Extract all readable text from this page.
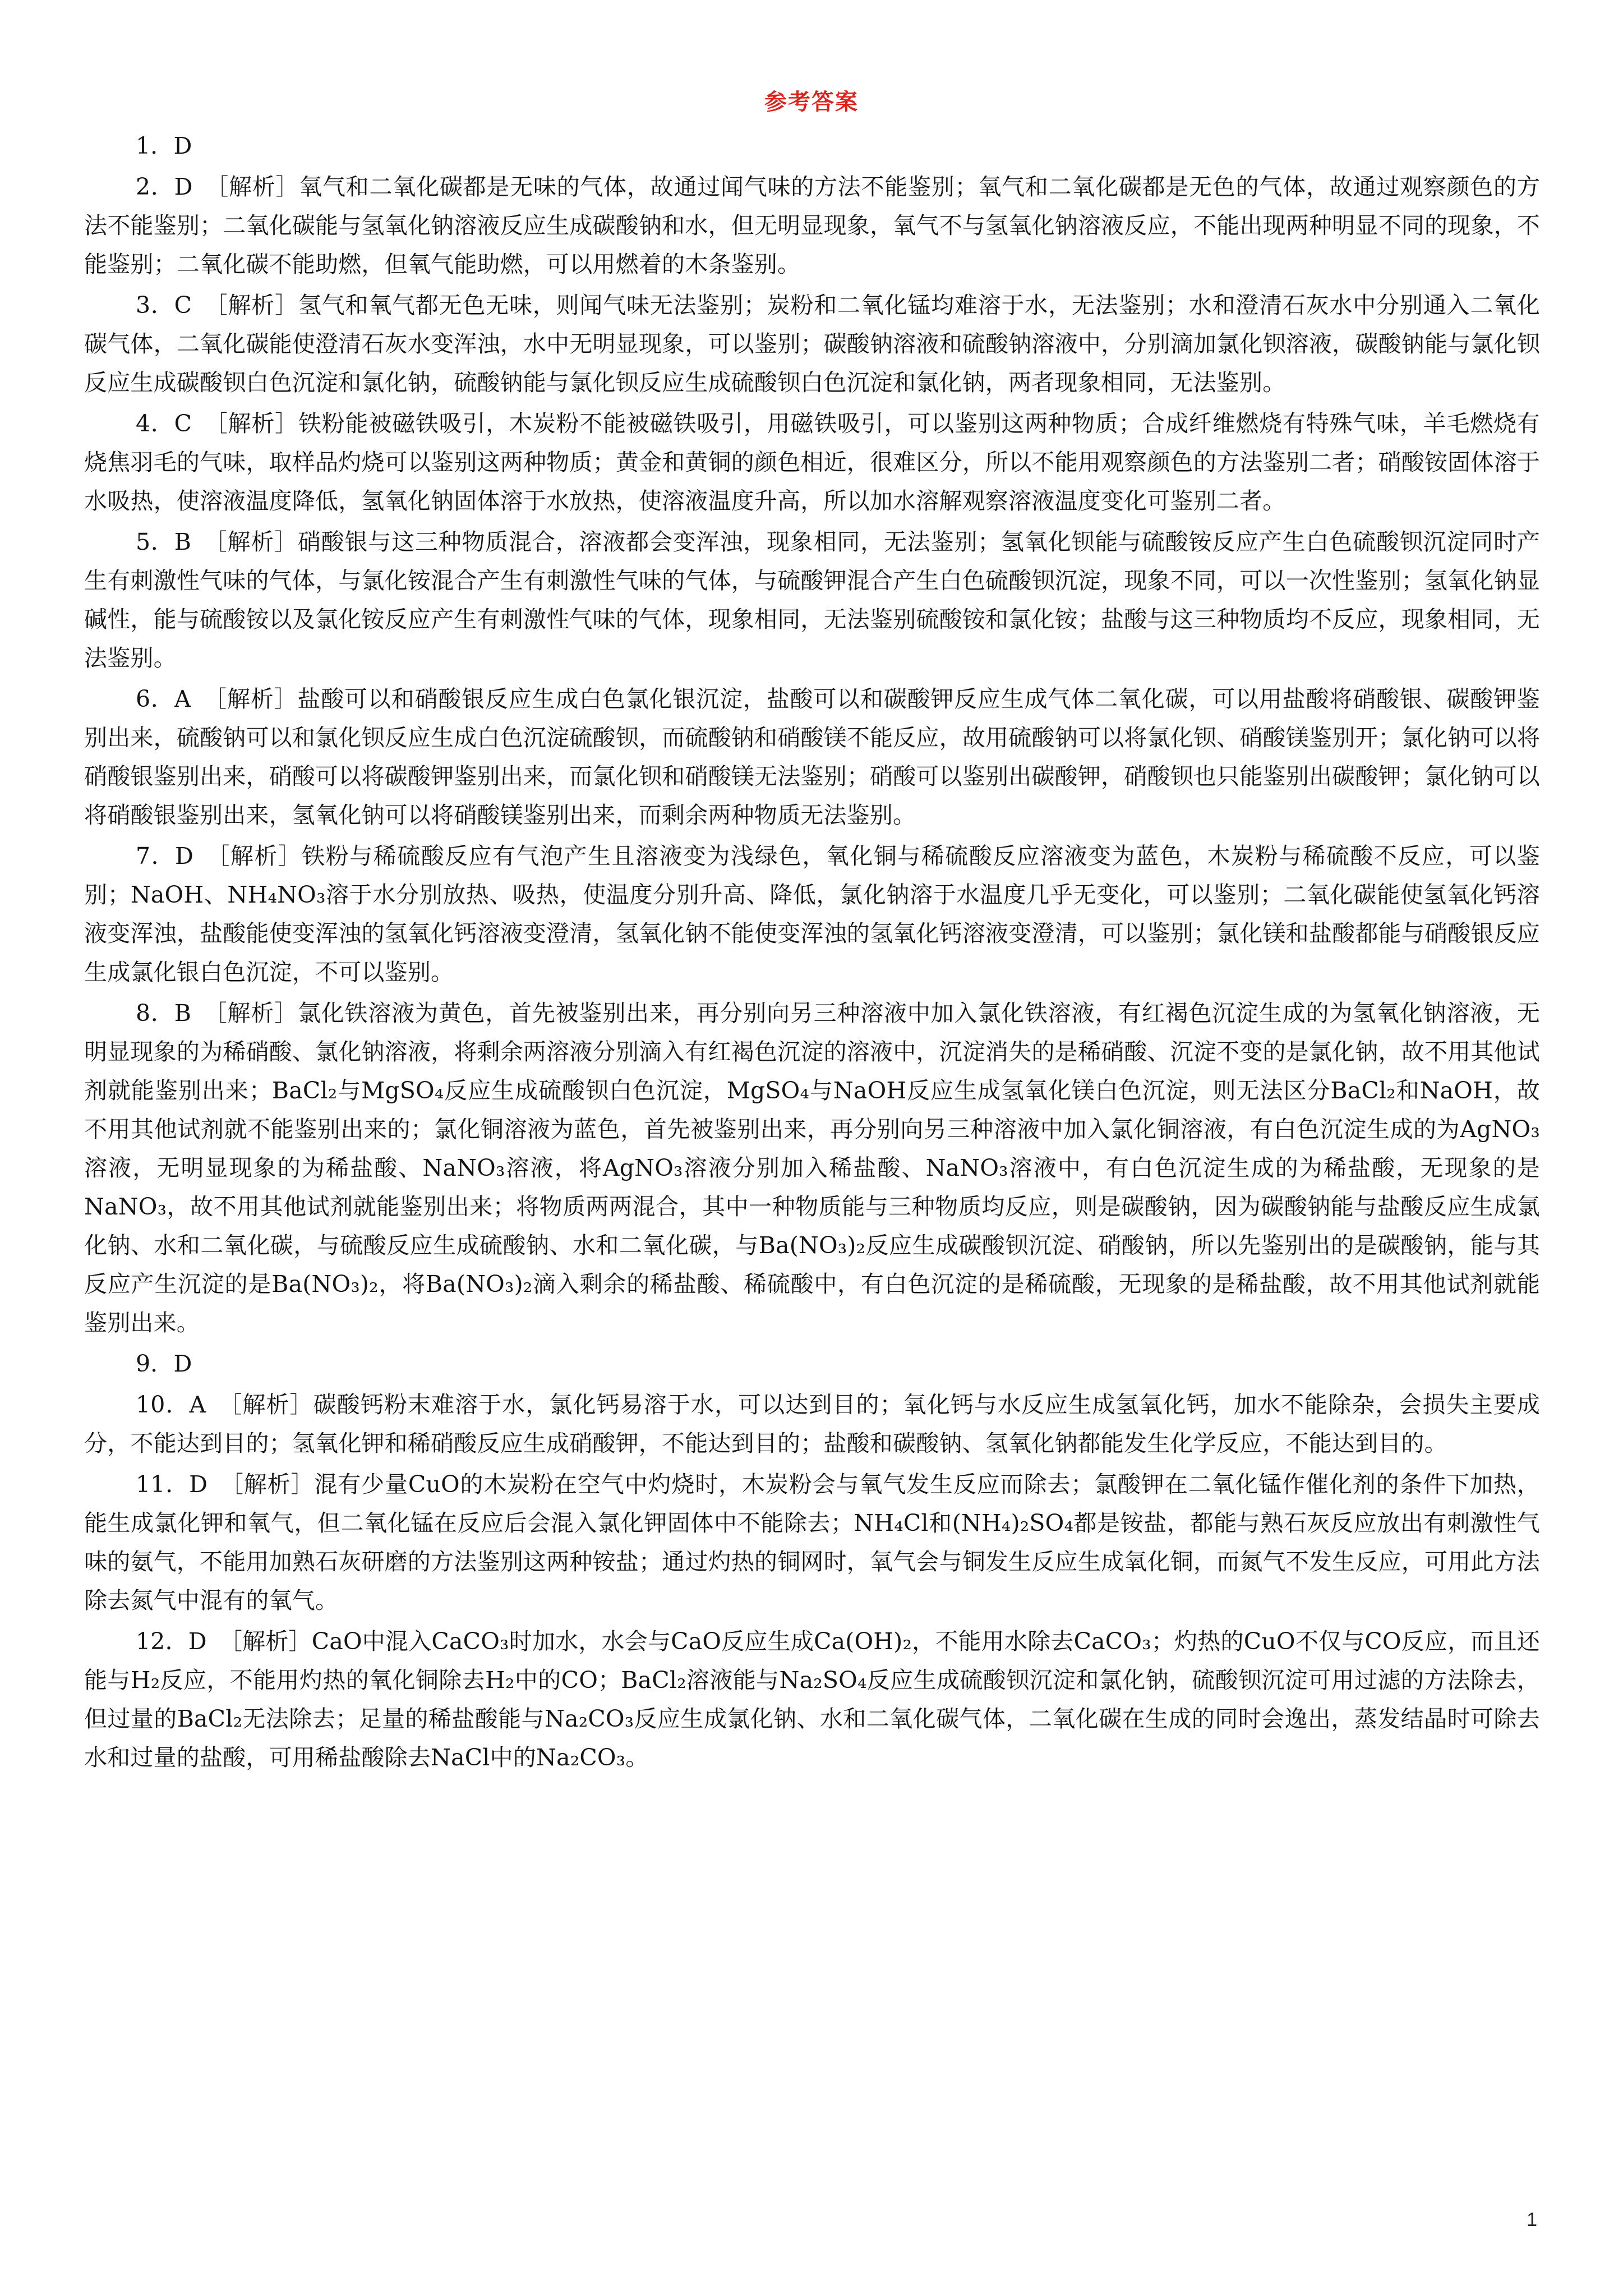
参考答案

1．D

2．D ［解析］氧气和二氧化碳都是无味的气体，故通过闻气味的方法不能鉴别；氧气和二氧化碳都是无色的气体，故通过观察颜色的方法不能鉴别；二氧化碳能与氢氧化钠溶液反应生成碳酸钠和水，但无明显现象，氧气不与氢氧化钠溶液反应，不能出现两种明显不同的现象，不能鉴别；二氧化碳不能助燃，但氧气能助燃，可以用燃着的木条鉴别。

3．C ［解析］氢气和氧气都无色无味，则闻气味无法鉴别；炭粉和二氧化锰均难溶于水，无法鉴别；水和澄清石灰水中分别通入二氧化碳气体，二氧化碳能使澄清石灰水变浑浊，水中无明显现象，可以鉴别；碳酸钠溶液和硫酸钠溶液中，分别滴加氯化钡溶液，碳酸钠能与氯化钡反应生成碳酸钡白色沉淀和氯化钠，硫酸钠能与氯化钡反应生成硫酸钡白色沉淀和氯化钠，两者现象相同，无法鉴别。

4．C ［解析］铁粉能被磁铁吸引，木炭粉不能被磁铁吸引，用磁铁吸引，可以鉴别这两种物质；合成纤维燃烧有特殊气味，羊毛燃烧有烧焦羽毛的气味，取样品灼烧可以鉴别这两种物质；黄金和黄铜的颜色相近，很难区分，所以不能用观察颜色的方法鉴别二者；硝酸铵固体溶于水吸热，使溶液温度降低，氢氧化钠固体溶于水放热，使溶液温度升高，所以加水溶解观察溶液温度变化可鉴别二者。

5．B ［解析］硝酸银与这三种物质混合，溶液都会变浑浊，现象相同，无法鉴别；氢氧化钡能与硫酸铵反应产生白色硫酸钡沉淀同时产生有刺激性气味的气体，与氯化铵混合产生有刺激性气味的气体，与硫酸钾混合产生白色硫酸钡沉淀，现象不同，可以一次性鉴别；氢氧化钠显碱性，能与硫酸铵以及氯化铵反应产生有刺激性气味的气体，现象相同，无法鉴别硫酸铵和氯化铵；盐酸与这三种物质均不反应，现象相同，无法鉴别。

6．A ［解析］盐酸可以和硝酸银反应生成白色氯化银沉淀，盐酸可以和碳酸钾反应生成气体二氧化碳，可以用盐酸将硝酸银、碳酸钾鉴别出来，硫酸钠可以和氯化钡反应生成白色沉淀硫酸钡，而硫酸钠和硝酸镁不能反应，故用硫酸钠可以将氯化钡、硝酸镁鉴别开；氯化钠可以将硝酸银鉴别出来，硝酸可以将碳酸钾鉴别出来，而氯化钡和硝酸镁无法鉴别；硝酸可以鉴别出碳酸钾，硝酸钡也只能鉴别出碳酸钾；氯化钠可以将硝酸银鉴别出来，氢氧化钠可以将硝酸镁鉴别出来，而剩余两种物质无法鉴别。

7．D ［解析］铁粉与稀硫酸反应有气泡产生且溶液变为浅绿色，氧化铜与稀硫酸反应溶液变为蓝色，木炭粉与稀硫酸不反应，可以鉴别；NaOH、NH₄NO₃溶于水分别放热、吸热，使温度分别升高、降低，氯化钠溶于水温度几乎无变化，可以鉴别；二氧化碳能使氢氧化钙溶液变浑浊，盐酸能使变浑浊的氢氧化钙溶液变澄清，氢氧化钠不能使变浑浊的氢氧化钙溶液变澄清，可以鉴别；氯化镁和盐酸都能与硝酸银反应生成氯化银白色沉淀，不可以鉴别。

8．B ［解析］氯化铁溶液为黄色，首先被鉴别出来，再分别向另三种溶液中加入氯化铁溶液，有红褐色沉淀生成的为氢氧化钠溶液，无明显现象的为稀硝酸、氯化钠溶液，将剩余两溶液分别滴入有红褐色沉淀的溶液中，沉淀消失的是稀硝酸、沉淀不变的是氯化钠，故不用其他试剂就能鉴别出来；BaCl₂与MgSO₄反应生成硫酸钡白色沉淀，MgSO₄与NaOH反应生成氢氧化镁白色沉淀，则无法区分BaCl₂和NaOH，故不用其他试剂就不能鉴别出来的；氯化铜溶液为蓝色，首先被鉴别出来，再分别向另三种溶液中加入氯化铜溶液，有白色沉淀生成的为AgNO₃溶液，无明显现象的为稀盐酸、NaNO₃溶液，将AgNO₃溶液分别加入稀盐酸、NaNO₃溶液中，有白色沉淀生成的为稀盐酸，无现象的是NaNO₃，故不用其他试剂就能鉴别出来；将物质两两混合，其中一种物质能与三种物质均反应，则是碳酸钠，因为碳酸钠能与盐酸反应生成氯化钠、水和二氧化碳，与硫酸反应生成硫酸钠、水和二氧化碳，与Ba(NO₃)₂反应生成碳酸钡沉淀、硝酸钠，所以先鉴别出的是碳酸钠，能与其反应产生沉淀的是Ba(NO₃)₂，将Ba(NO₃)₂滴入剩余的稀盐酸、稀硫酸中，有白色沉淀的是稀硫酸，无现象的是稀盐酸，故不用其他试剂就能鉴别出来。

9．D

10．A ［解析］碳酸钙粉末难溶于水，氯化钙易溶于水，可以达到目的；氧化钙与水反应生成氢氧化钙，加水不能除杂，会损失主要成分，不能达到目的；氢氧化钾和稀硝酸反应生成硝酸钾，不能达到目的；盐酸和碳酸钠、氢氧化钠都能发生化学反应，不能达到目的。

11．D ［解析］混有少量CuO的木炭粉在空气中灼烧时，木炭粉会与氧气发生反应而除去；氯酸钾在二氧化锰作催化剂的条件下加热，能生成氯化钾和氧气，但二氧化锰在反应后会混入氯化钾固体中不能除去；NH₄Cl和(NH₄)₂SO₄都是铵盐，都能与熟石灰反应放出有刺激性气味的氨气，不能用加熟石灰研磨的方法鉴别这两种铵盐；通过灼热的铜网时，氧气会与铜发生反应生成氧化铜，而氮气不发生反应，可用此方法除去氮气中混有的氧气。

12．D ［解析］CaO中混入CaCO₃时加水，水会与CaO反应生成Ca(OH)₂，不能用水除去CaCO₃；灼热的CuO不仅与CO反应，而且还能与H₂反应，不能用灼热的氧化铜除去H₂中的CO；BaCl₂溶液能与Na₂SO₄反应生成硫酸钡沉淀和氯化钠，硫酸钡沉淀可用过滤的方法除去，但过量的BaCl₂无法除去；足量的稀盐酸能与Na₂CO₃反应生成氯化钠、水和二氧化碳气体，二氧化碳在生成的同时会逸出，蒸发结晶时可除去水和过量的盐酸，可用稀盐酸除去NaCl中的Na₂CO₃。

1
